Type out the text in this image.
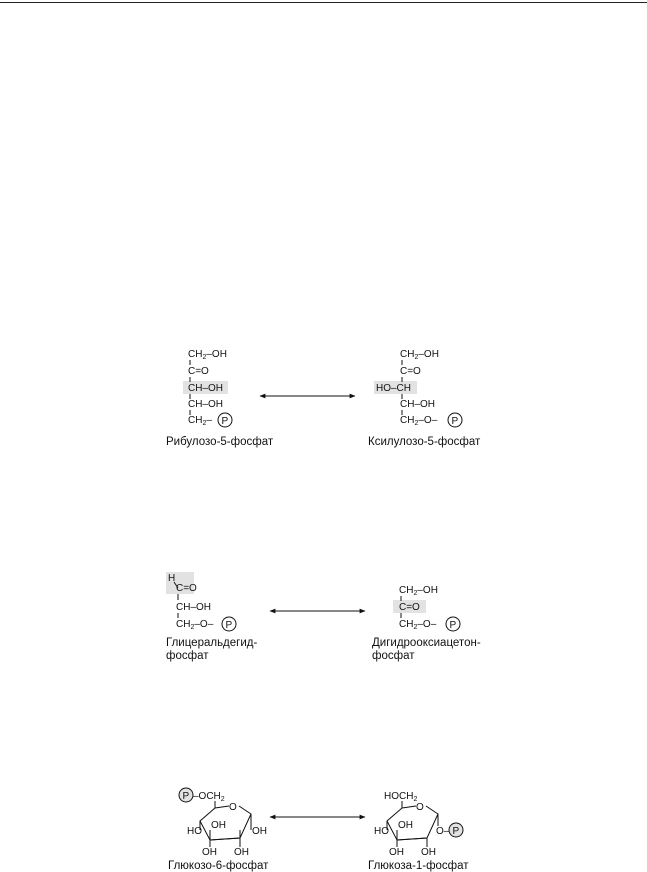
$CH_2-OH$
C=O
CH–OH
CH–OH
$CH_2-$ P
Рибулозо-5-фосфат
$CH_2-OH$
C=O
HO–CH
CH–OH
$CH_2-O-$ P
Ксилулозо-5-фосфат
H
C=O
CH–OH
$CH_2-O-$ P
Глицеральдегид-
фосфат
$CH_2-OH$
C=O
$CH_2-O-$ P
Дигидрооксиацетон-
фосфат
P $-OCH_2$
O
OH
HO	OH
OH OH
Глюкозо-6-фосфат
$HOCH_2$
O
OH
HO	O– P
OH OH
Глюкоза-1-фосфат
